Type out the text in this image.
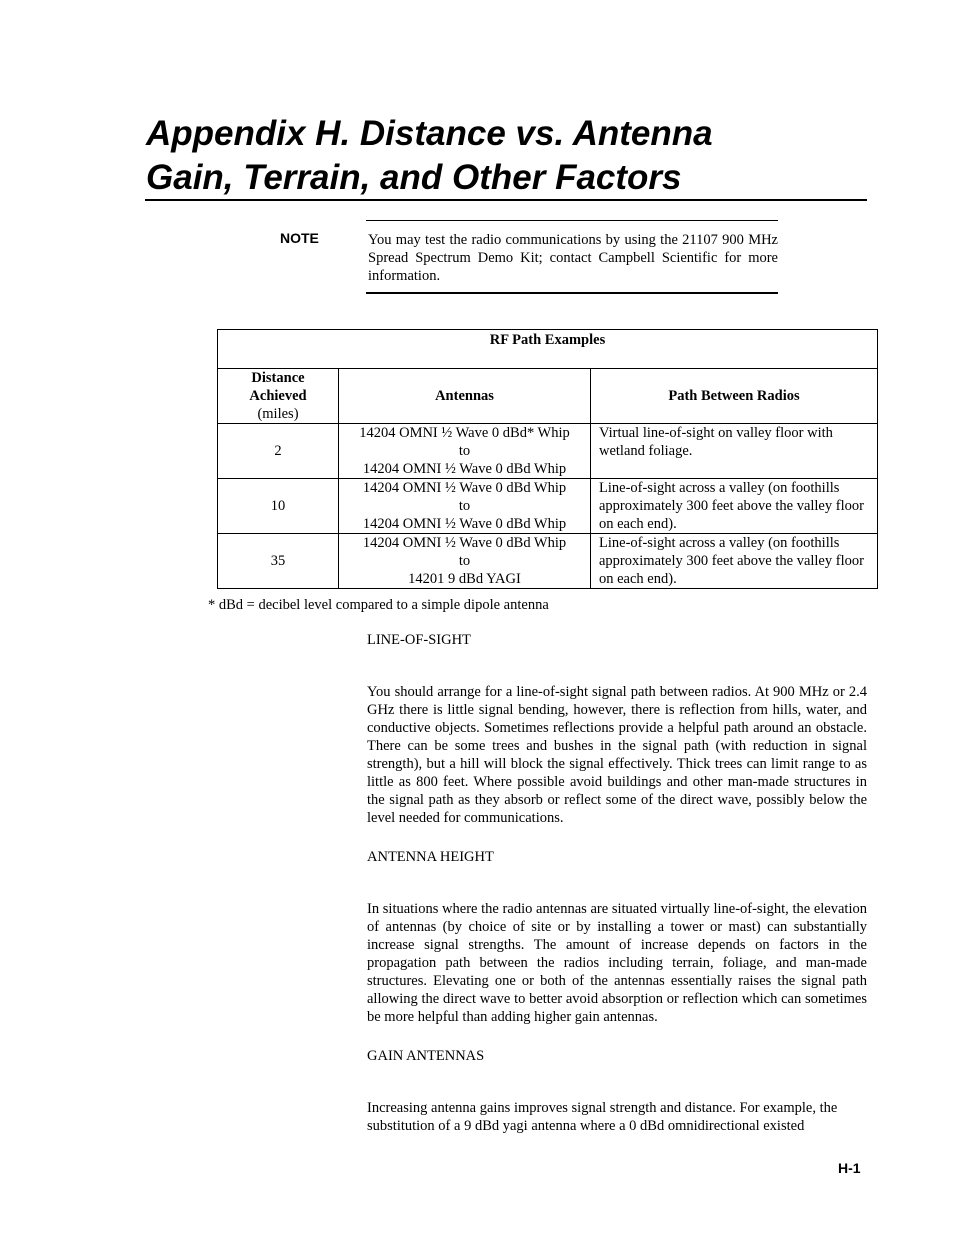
Appendix H. Distance vs. Antenna
Gain, Terrain, and Other Factors
NOTE	You may test the radio communications by using the 21107 900 MHz Spread Spectrum Demo Kit; contact Campbell Scientific for more information.

RF Path Examples		
Distance
Achieved
(miles)	Antennas	Path Between Radios
2	14204 OMNI ½ Wave 0 dBd* Whip
to
14204 OMNI ½ Wave 0 dBd Whip	Virtual line-of-sight on valley floor with wetland foliage.
10	14204 OMNI ½ Wave 0 dBd Whip
to
14204 OMNI ½ Wave 0 dBd Whip	Line-of-sight across a valley (on foothills approximately 300 feet above the valley floor on each end).
35	14204 OMNI ½ Wave 0 dBd Whip
to
14201 9 dBd YAGI	Line-of-sight across a valley (on foothills approximately 300 feet above the valley floor on each end).
* dBd = decibel level compared to a simple dipole antenna
LINE-OF-SIGHT

You should arrange for a line-of-sight signal path between radios. At 900 MHz or 2.4 GHz there is little signal bending, however, there is reflection from hills, water, and conductive objects. Sometimes reflections provide a helpful path around an obstacle. There can be some trees and bushes in the signal path (with reduction in signal strength), but a hill will block the signal effectively. Thick trees can limit range to as little as 800 feet. Where possible avoid buildings and other man-made structures in the signal path as they absorb or reflect some of the direct wave, possibly below the level needed for communications.

ANTENNA HEIGHT

In situations where the radio antennas are situated virtually line-of-sight, the elevation of antennas (by choice of site or by installing a tower or mast) can substantially increase signal strengths. The amount of increase depends on factors in the propagation path between the radios including terrain, foliage, and man-made structures. Elevating one or both of the antennas essentially raises the signal path allowing the direct wave to better avoid absorption or reflection which can sometimes be more helpful than adding higher gain antennas.

GAIN ANTENNAS

Increasing antenna gains improves signal strength and distance. For example, the substitution of a 9 dBd yagi antenna where a 0 dBd omnidirectional existed

H-1
